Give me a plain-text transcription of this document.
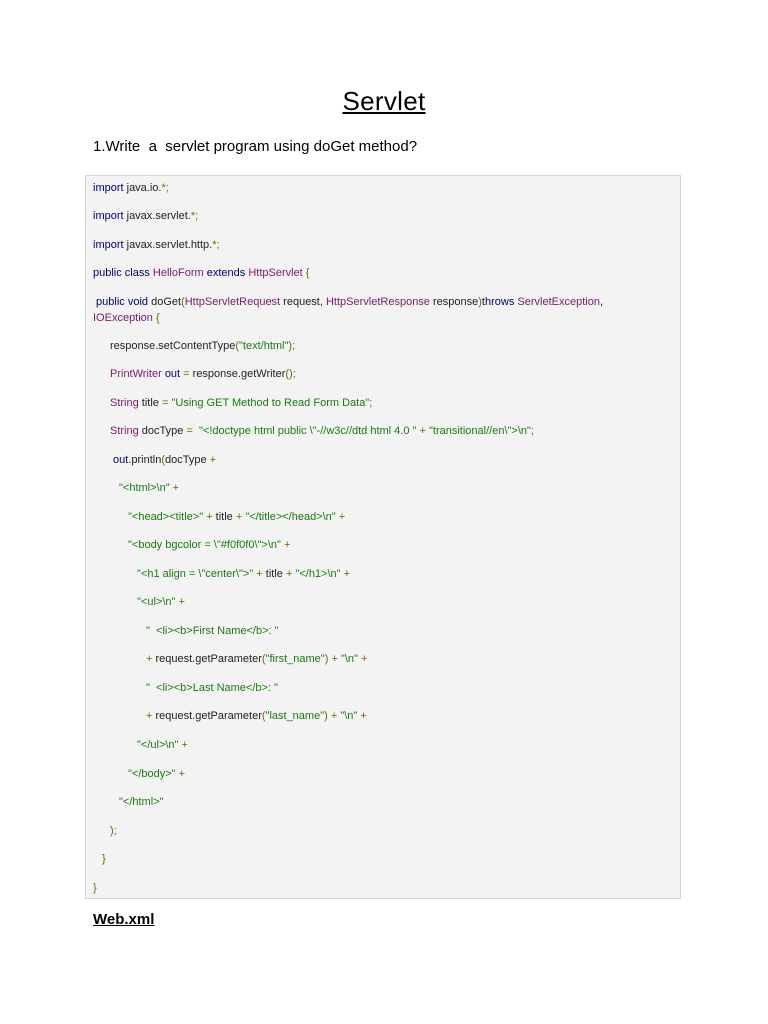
Servlet
1.Write  a  servlet program using doGet method?
import java.io.*;
import javax.servlet.*;
import javax.servlet.http.*;
public class HelloForm extends HttpServlet {
public void doGet(HttpServletRequest request, HttpServletResponse response)throws ServletException,
IOException {
response.setContentType("text/html");
PrintWriter out = response.getWriter();
String title = "Using GET Method to Read Form Data";
String docType =  "<!doctype html public \"-//w3c//dtd html 4.0 " + "transitional//en\">\n";
out.println(docType +
"<html>\n" +
"<head><title>" + title + "</title></head>\n" +
"<body bgcolor = \"#f0f0f0\">\n" +
"<h1 align = \"center\">" + title + "</h1>\n" +
"<ul>\n" +
"  <li><b>First Name</b>: "
+ request.getParameter("first_name") + "\n" +
"  <li><b>Last Name</b>: "
+ request.getParameter("last_name") + "\n" +
"</ul>\n" +
"</body>" +
"</html>"
);
}
}
Web.xml
